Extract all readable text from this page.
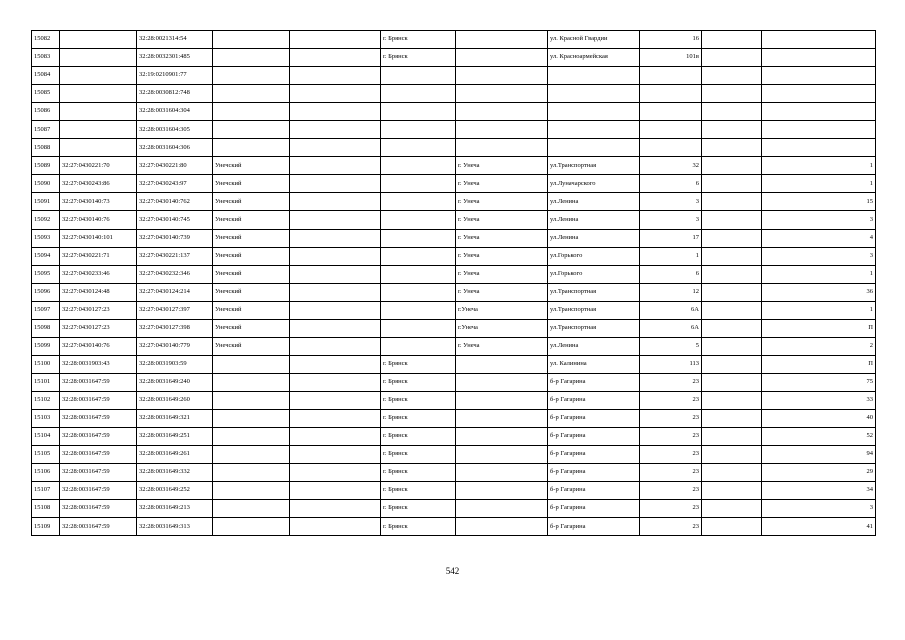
15082		32:28:0021314:54			г. Брянск		ул. Красной Гвардии	16		
15083		32:28:0032301:485			г. Брянск		ул. Красноармейская	101в		
15084		32:19:0210901:77								
15085		32:28:0030812:748								
15086		32:28:0031604:304								
15087		32:28:0031604:305								
15088		32:28:0031604:306								
15089	32:27:0430221:70	32:27:0430221:80	Унечский			г. Унеча	ул.Транспортная	32		1
15090	32:27:0430243:86	32:27:0430243:97	Унечский			г. Унеча	ул.Луначарского	6		1
15091	32:27:0430140:73	32:27:0430140:762	Унечский			г. Унеча	ул.Ленина	3		15
15092	32:27:0430140:76	32:27:0430140:745	Унечский			г. Унеча	ул.Ленина	3		3
15093	32:27:0430140:101	32:27:0430140:739	Унечский			г. Унеча	ул.Ленина	17		4
15094	32:27:0430221:71	32:27:0430221:137	Унечский			г. Унеча	ул.Горького	1		3
15095	32:27:0430233:46	32:27:0430232:346	Унечский			г. Унеча	ул.Горького	6		1
15096	32:27:0430124:48	32:27:0430124:214	Унечский			г. Унеча	ул.Транспортная	12		36
15097	32:27:0430127:23	32:27:0430127:397	Унечский			г.Унеча	ул.Транспортная	6А		1
15098	32:27:0430127:23	32:27:0430127:398	Унечский			г.Унеча	ул.Транспортная	6А		П
15099	32:27:0430140:76	32:27:0430140:779	Унечский			г. Унеча	ул.Ленина	5		2
15100	32:28:0031903:43	32:28:0031903:59			г. Брянск		ул. Калинина	113		П
15101	32:28:0031647:59	32:28:0031649:240			г. Брянск		б-р Гагарина	23		75
15102	32:28:0031647:59	32:28:0031649:260			г. Брянск		б-р Гагарина	23		33
15103	32:28:0031647:59	32:28:0031649:321			г. Брянск		б-р Гагарина	23		40
15104	32:28:0031647:59	32:28:0031649:251			г. Брянск		б-р Гагарина	23		52
15105	32:28:0031647:59	32:28:0031649:261			г. Брянск		б-р Гагарина	23		94
15106	32:28:0031647:59	32:28:0031649:332			г. Брянск		б-р Гагарина	23		29
15107	32:28:0031647:59	32:28:0031649:252			г. Брянск		б-р Гагарина	23		34
15108	32:28:0031647:59	32:28:0031649:213			г. Брянск		б-р Гагарина	23		3
15109	32:28:0031647:59	32:28:0031649:313			г. Брянск		б-р Гагарина	23		41
542
